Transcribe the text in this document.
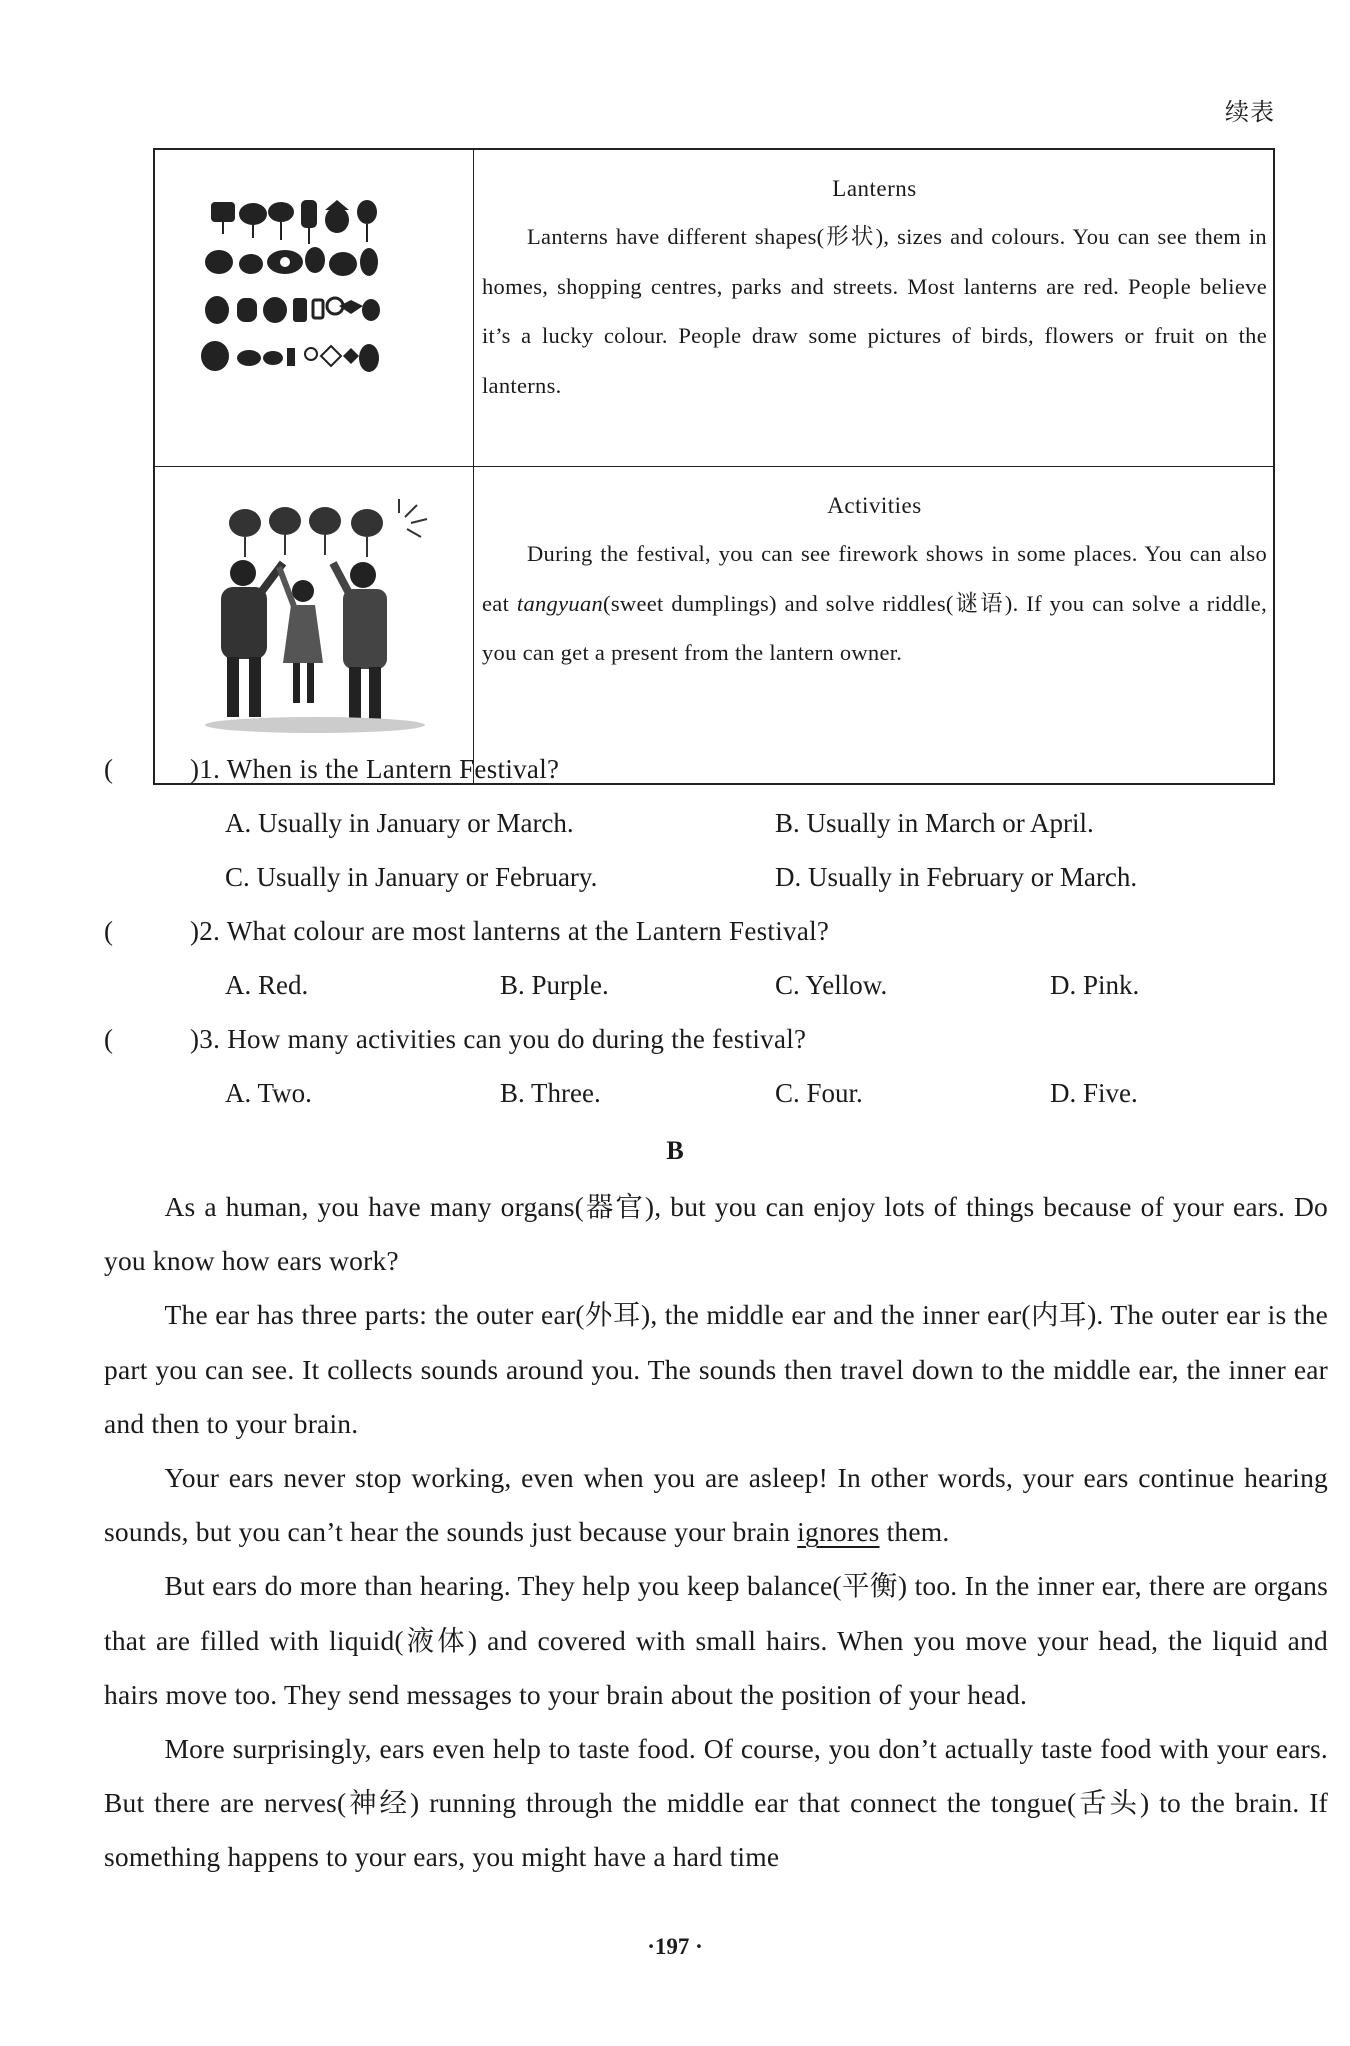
续表

Lanterns
Lanterns have different shapes(形状), sizes and colours. You can see them in homes, shopping centres, parks and streets. Most lanterns are red. People believe it’s a lucky colour. People draw some pictures of birds, flowers or fruit on the lanterns.

Activities
During the festival, you can see firework shows in some places. You can also eat tangyuan(sweet dumplings) and solve riddles(谜语). If you can solve a riddle, you can get a present from the lantern owner.
(	)1. When is the Lantern Festival?
A. Usually in January or March.	B. Usually in March or April.
C. Usually in January or February.	D. Usually in February or March.
(	)2. What colour are most lanterns at the Lantern Festival?
A. Red.	B. Purple.	C. Yellow.	D. Pink.
(	)3. How many activities can you do during the festival?
A. Two.	B. Three.	C. Four.	D. Five.
B

As a human, you have many organs(器官), but you can enjoy lots of things because of your ears. Do you know how ears work?

The ear has three parts: the outer ear(外耳), the middle ear and the inner ear(内耳). The outer ear is the part you can see. It collects sounds around you. The sounds then travel down to the middle ear, the inner ear and then to your brain.

Your ears never stop working, even when you are asleep! In other words, your ears continue hearing sounds, but you can’t hear the sounds just because your brain ignores them.

But ears do more than hearing. They help you keep balance(平衡) too. In the inner ear, there are organs that are filled with liquid(液体) and covered with small hairs. When you move your head, the liquid and hairs move too. They send messages to your brain about the position of your head.

More surprisingly, ears even help to taste food. Of course, you don’t actually taste food with your ears. But there are nerves(神经) running through the middle ear that connect the tongue(舌头) to the brain. If something happens to your ears, you might have a hard time

·197 ·
